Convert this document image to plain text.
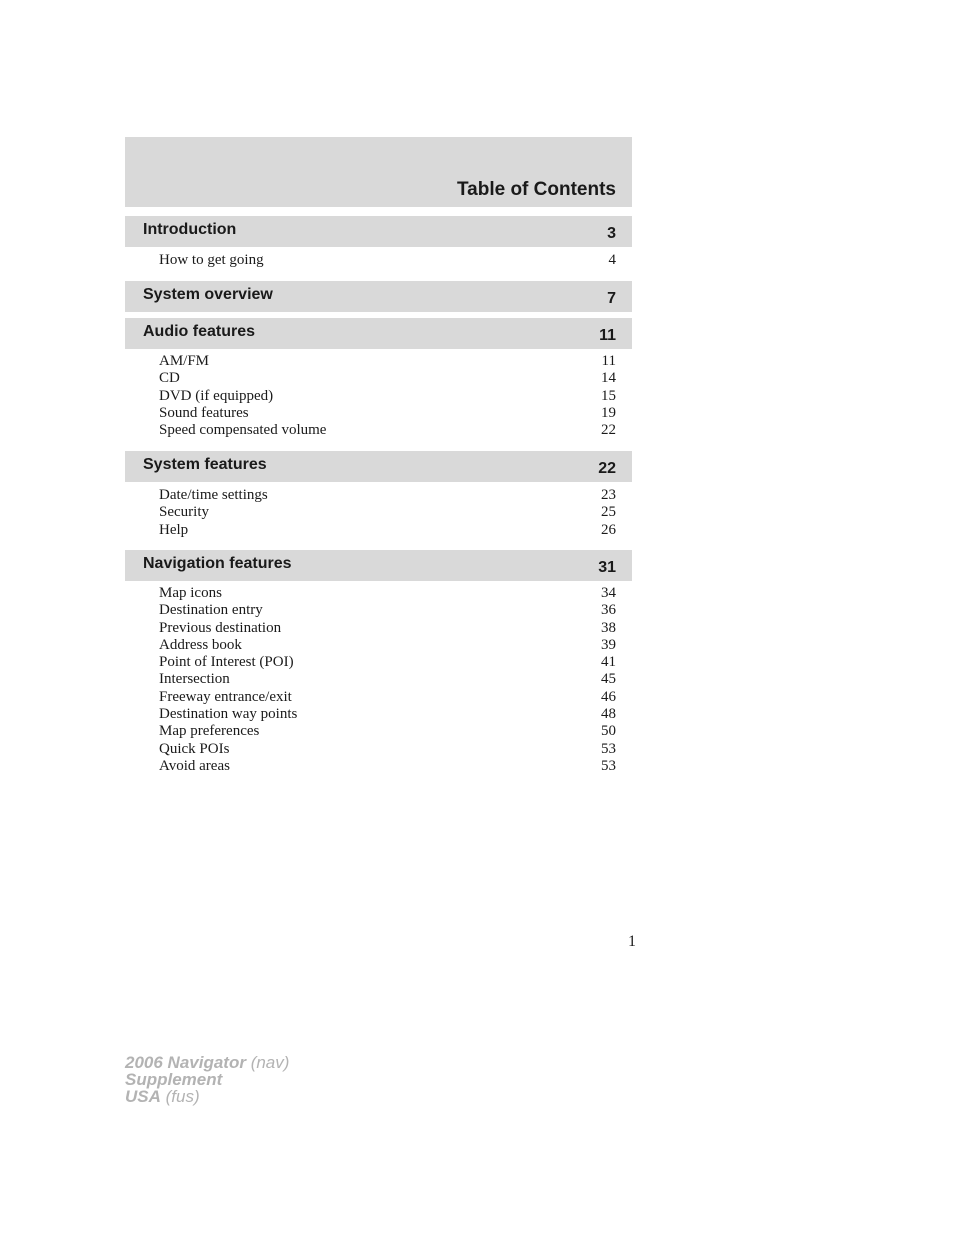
Table of Contents
Introduction	3
How to get going	4
System overview	7
Audio features	11
AM/FM	11
CD	14
DVD (if equipped)	15
Sound features	19
Speed compensated volume	22
System features	22
Date/time settings	23
Security	25
Help	26
Navigation features	31
Map icons	34
Destination entry	36
Previous destination	38
Address book	39
Point of Interest (POI)	41
Intersection	45
Freeway entrance/exit	46
Destination way points	48
Map preferences	50
Quick POIs	53
Avoid areas	53
1
2006 Navigator (nav)
Supplement
USA (fus)
